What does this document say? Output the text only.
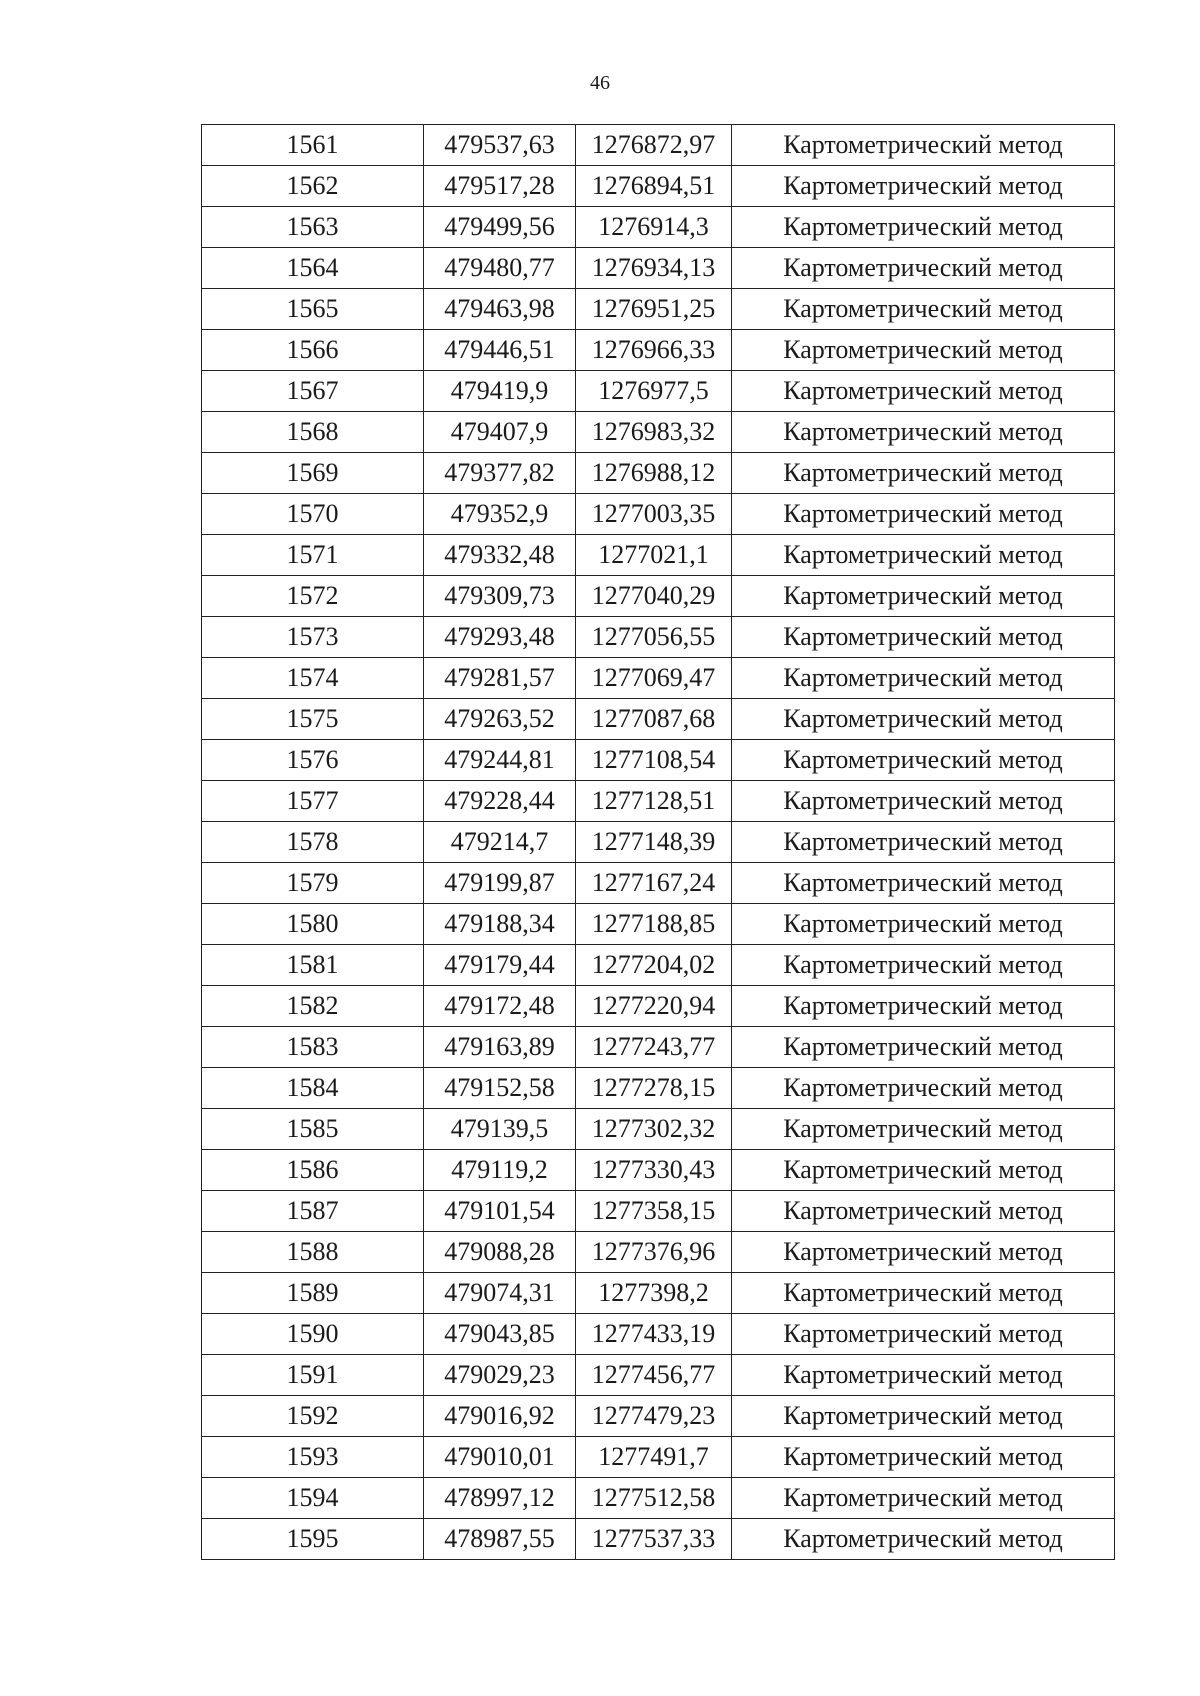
46
1561	479537,63	1276872,97	Картометрический метод
1562	479517,28	1276894,51	Картометрический метод
1563	479499,56	1276914,3	Картометрический метод
1564	479480,77	1276934,13	Картометрический метод
1565	479463,98	1276951,25	Картометрический метод
1566	479446,51	1276966,33	Картометрический метод
1567	479419,9	1276977,5	Картометрический метод
1568	479407,9	1276983,32	Картометрический метод
1569	479377,82	1276988,12	Картометрический метод
1570	479352,9	1277003,35	Картометрический метод
1571	479332,48	1277021,1	Картометрический метод
1572	479309,73	1277040,29	Картометрический метод
1573	479293,48	1277056,55	Картометрический метод
1574	479281,57	1277069,47	Картометрический метод
1575	479263,52	1277087,68	Картометрический метод
1576	479244,81	1277108,54	Картометрический метод
1577	479228,44	1277128,51	Картометрический метод
1578	479214,7	1277148,39	Картометрический метод
1579	479199,87	1277167,24	Картометрический метод
1580	479188,34	1277188,85	Картометрический метод
1581	479179,44	1277204,02	Картометрический метод
1582	479172,48	1277220,94	Картометрический метод
1583	479163,89	1277243,77	Картометрический метод
1584	479152,58	1277278,15	Картометрический метод
1585	479139,5	1277302,32	Картометрический метод
1586	479119,2	1277330,43	Картометрический метод
1587	479101,54	1277358,15	Картометрический метод
1588	479088,28	1277376,96	Картометрический метод
1589	479074,31	1277398,2	Картометрический метод
1590	479043,85	1277433,19	Картометрический метод
1591	479029,23	1277456,77	Картометрический метод
1592	479016,92	1277479,23	Картометрический метод
1593	479010,01	1277491,7	Картометрический метод
1594	478997,12	1277512,58	Картометрический метод
1595	478987,55	1277537,33	Картометрический метод
